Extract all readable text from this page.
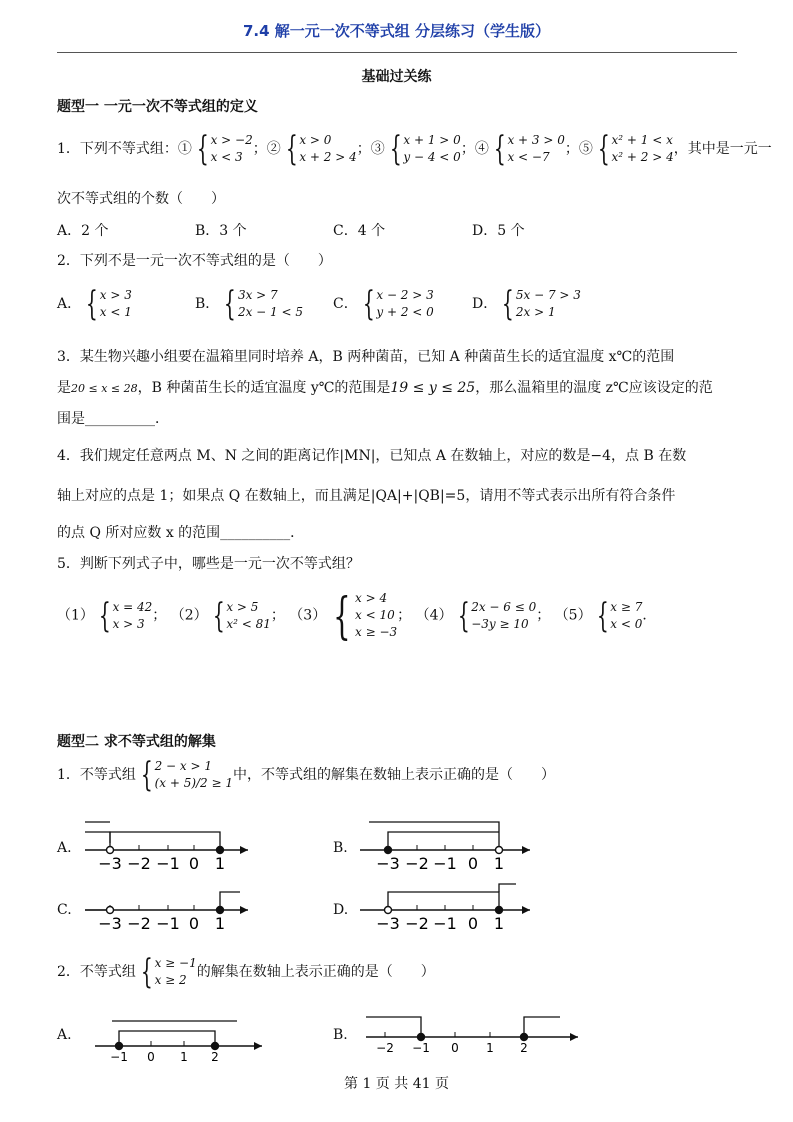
7.4 解一元一次不等式组 分层练习（学生版）
基础过关练
题型一 一元一次不等式组的定义
1．下列不等式组：① { x > −2
x < 3 ；② { x > 0
x + 2 > 4 ；③ { x + 1 > 0
y − 4 < 0 ；④ { x + 3 > 0
x < −7	；⑤ { x² + 1 < x
x² + 2 > 4 ，其中是一元一
次不等式组的个数（　　）
A．2 个	B．3 个	C．4 个	D．5 个
2．下列不是一元一次不等式组的是（　　）
A． { x > 3
x < 1	B． { 3x > 7
2x − 1 < 5 C． { x − 2 > 3
y + 2 < 0	D． { 5x − 7 > 3
2x > 1
3．某生物兴趣小组要在温箱里同时培养 A，B 两种菌苗，已知 A 种菌苗生长的适宜温度 x℃的范围
是20 ≤ x ≤ 28，B 种菌苗生长的适宜温度 y℃的范围是19 ≤ y ≤ 25，那么温箱里的温度 z℃应该设定的范
围是__________．
4．我们规定任意两点 M、N 之间的距离记作|MN|，已知点 A 在数轴上，对应的数是−4，点 B 在数
轴上对应的点是 1；如果点 Q 在数轴上，而且满足|QA|+|QB|=5，请用不等式表示出所有符合条件
的点 Q 所对应数 x 的范围__________．
5．判断下列式子中，哪些是一元一次不等式组？
（1） { x = 42
x > 3 ； （2） { x > 5
x² < 81 ； （3） { x > 4
x < 10
x ≥ −3
； （4） { 2x − 6 ≤ 0
−3y ≥ 10 ； （5） { x ≥ 7
x < 0 ．
题型二 求不等式组的解集
1．不等式组 { 2 − x > 1
(x + 5)/2 ≥ 1 中，不等式组的解集在数轴上表示正确的是（　　）
A.	B.
C.	D.
−3 −2 −1 0 1	−3 −2 −1 0 1
−3 −2 −1 0 1	−3 −2 −1 0 1
−1 0 1 2
−2 −1 0 1 2
2．不等式组 { x ≥ −1
x ≥ 2 的解集在数轴上表示正确的是（　　）
A.	B.
第 1 页 共 41 页
